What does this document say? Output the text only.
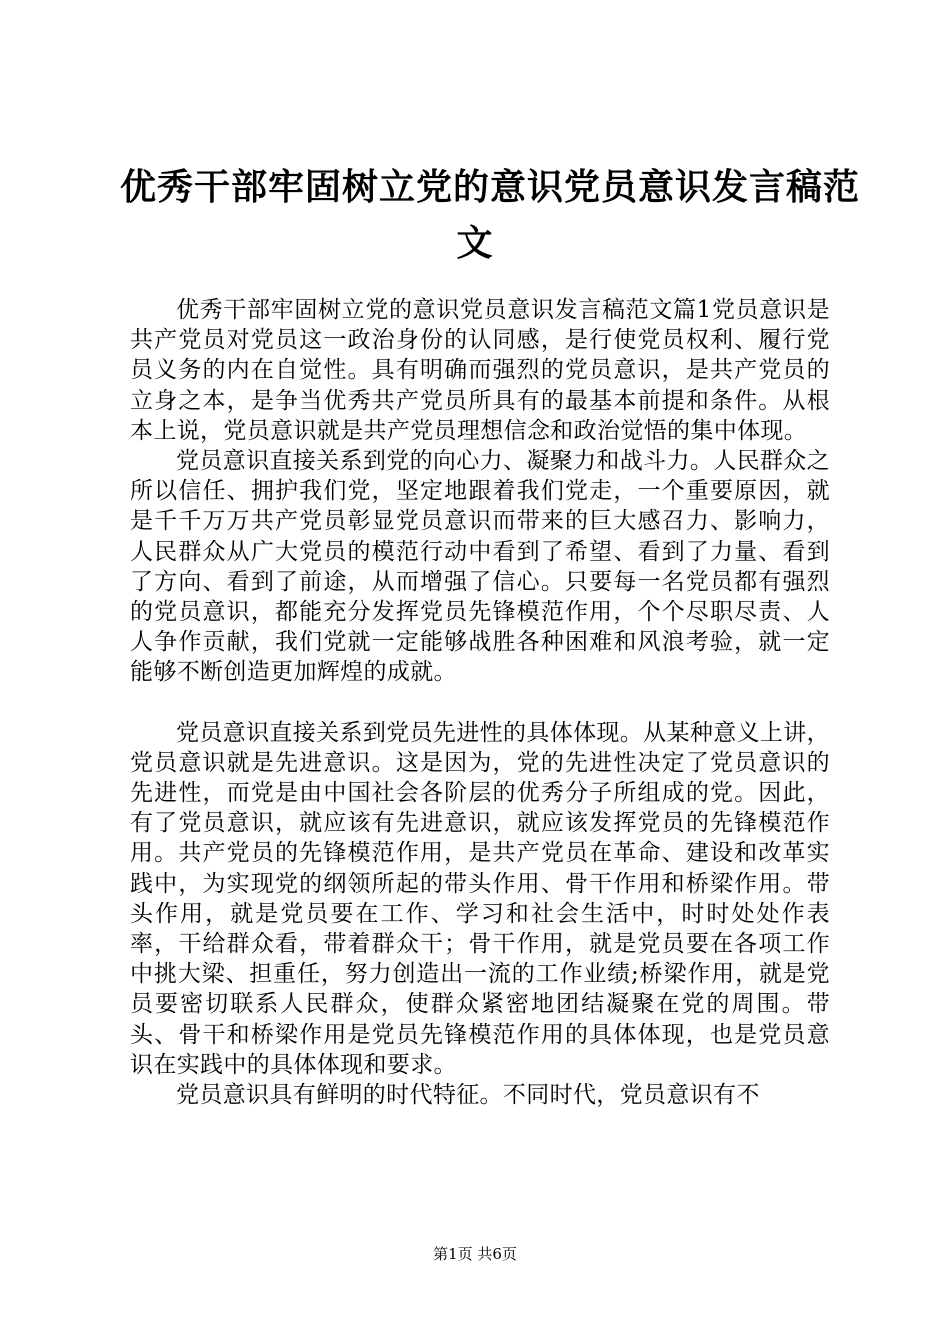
优秀干部牢固树立党的意识党员意识发言稿范
文

优秀干部牢固树立党的意识党员意识发言稿范文篇1党员意识是共产党员对党员这一政治身份的认同感，是行使党员权利、履行党员义务的内在自觉性。具有明确而强烈的党员意识，是共产党员的立身之本，是争当优秀共产党员所具有的最基本前提和条件。从根本上说，党员意识就是共产党员理想信念和政治觉悟的集中体现。

党员意识直接关系到党的向心力、凝聚力和战斗力。人民群众之所以信任、拥护我们党，坚定地跟着我们党走，一个重要原因，就是千千万万共产党员彰显党员意识而带来的巨大感召力、影响力，人民群众从广大党员的模范行动中看到了希望、看到了力量、看到了方向、看到了前途，从而增强了信心。只要每一名党员都有强烈的党员意识，都能充分发挥党员先锋模范作用，个个尽职尽责、人人争作贡献，我们党就一定能够战胜各种困难和风浪考验，就一定能够不断创造更加辉煌的成就。

党员意识直接关系到党员先进性的具体体现。从某种意义上讲，党员意识就是先进意识。这是因为，党的先进性决定了党员意识的先进性，而党是由中国社会各阶层的优秀分子所组成的党。因此，有了党员意识，就应该有先进意识，就应该发挥党员的先锋模范作用。共产党员的先锋模范作用，是共产党员在革命、建设和改革实践中，为实现党的纲领所起的带头作用、骨干作用和桥梁作用。带头作用，就是党员要在工作、学习和社会生活中，时时处处作表率，干给群众看，带着群众干；骨干作用，就是党员要在各项工作中挑大梁、担重任，努力创造出一流的工作业绩;桥梁作用，就是党员要密切联系人民群众，使群众紧密地团结凝聚在党的周围。带头、骨干和桥梁作用是党员先锋模范作用的具体体现，也是党员意识在实践中的具体体现和要求。

党员意识具有鲜明的时代特征。不同时代，党员意识有不

第1页 共6页
